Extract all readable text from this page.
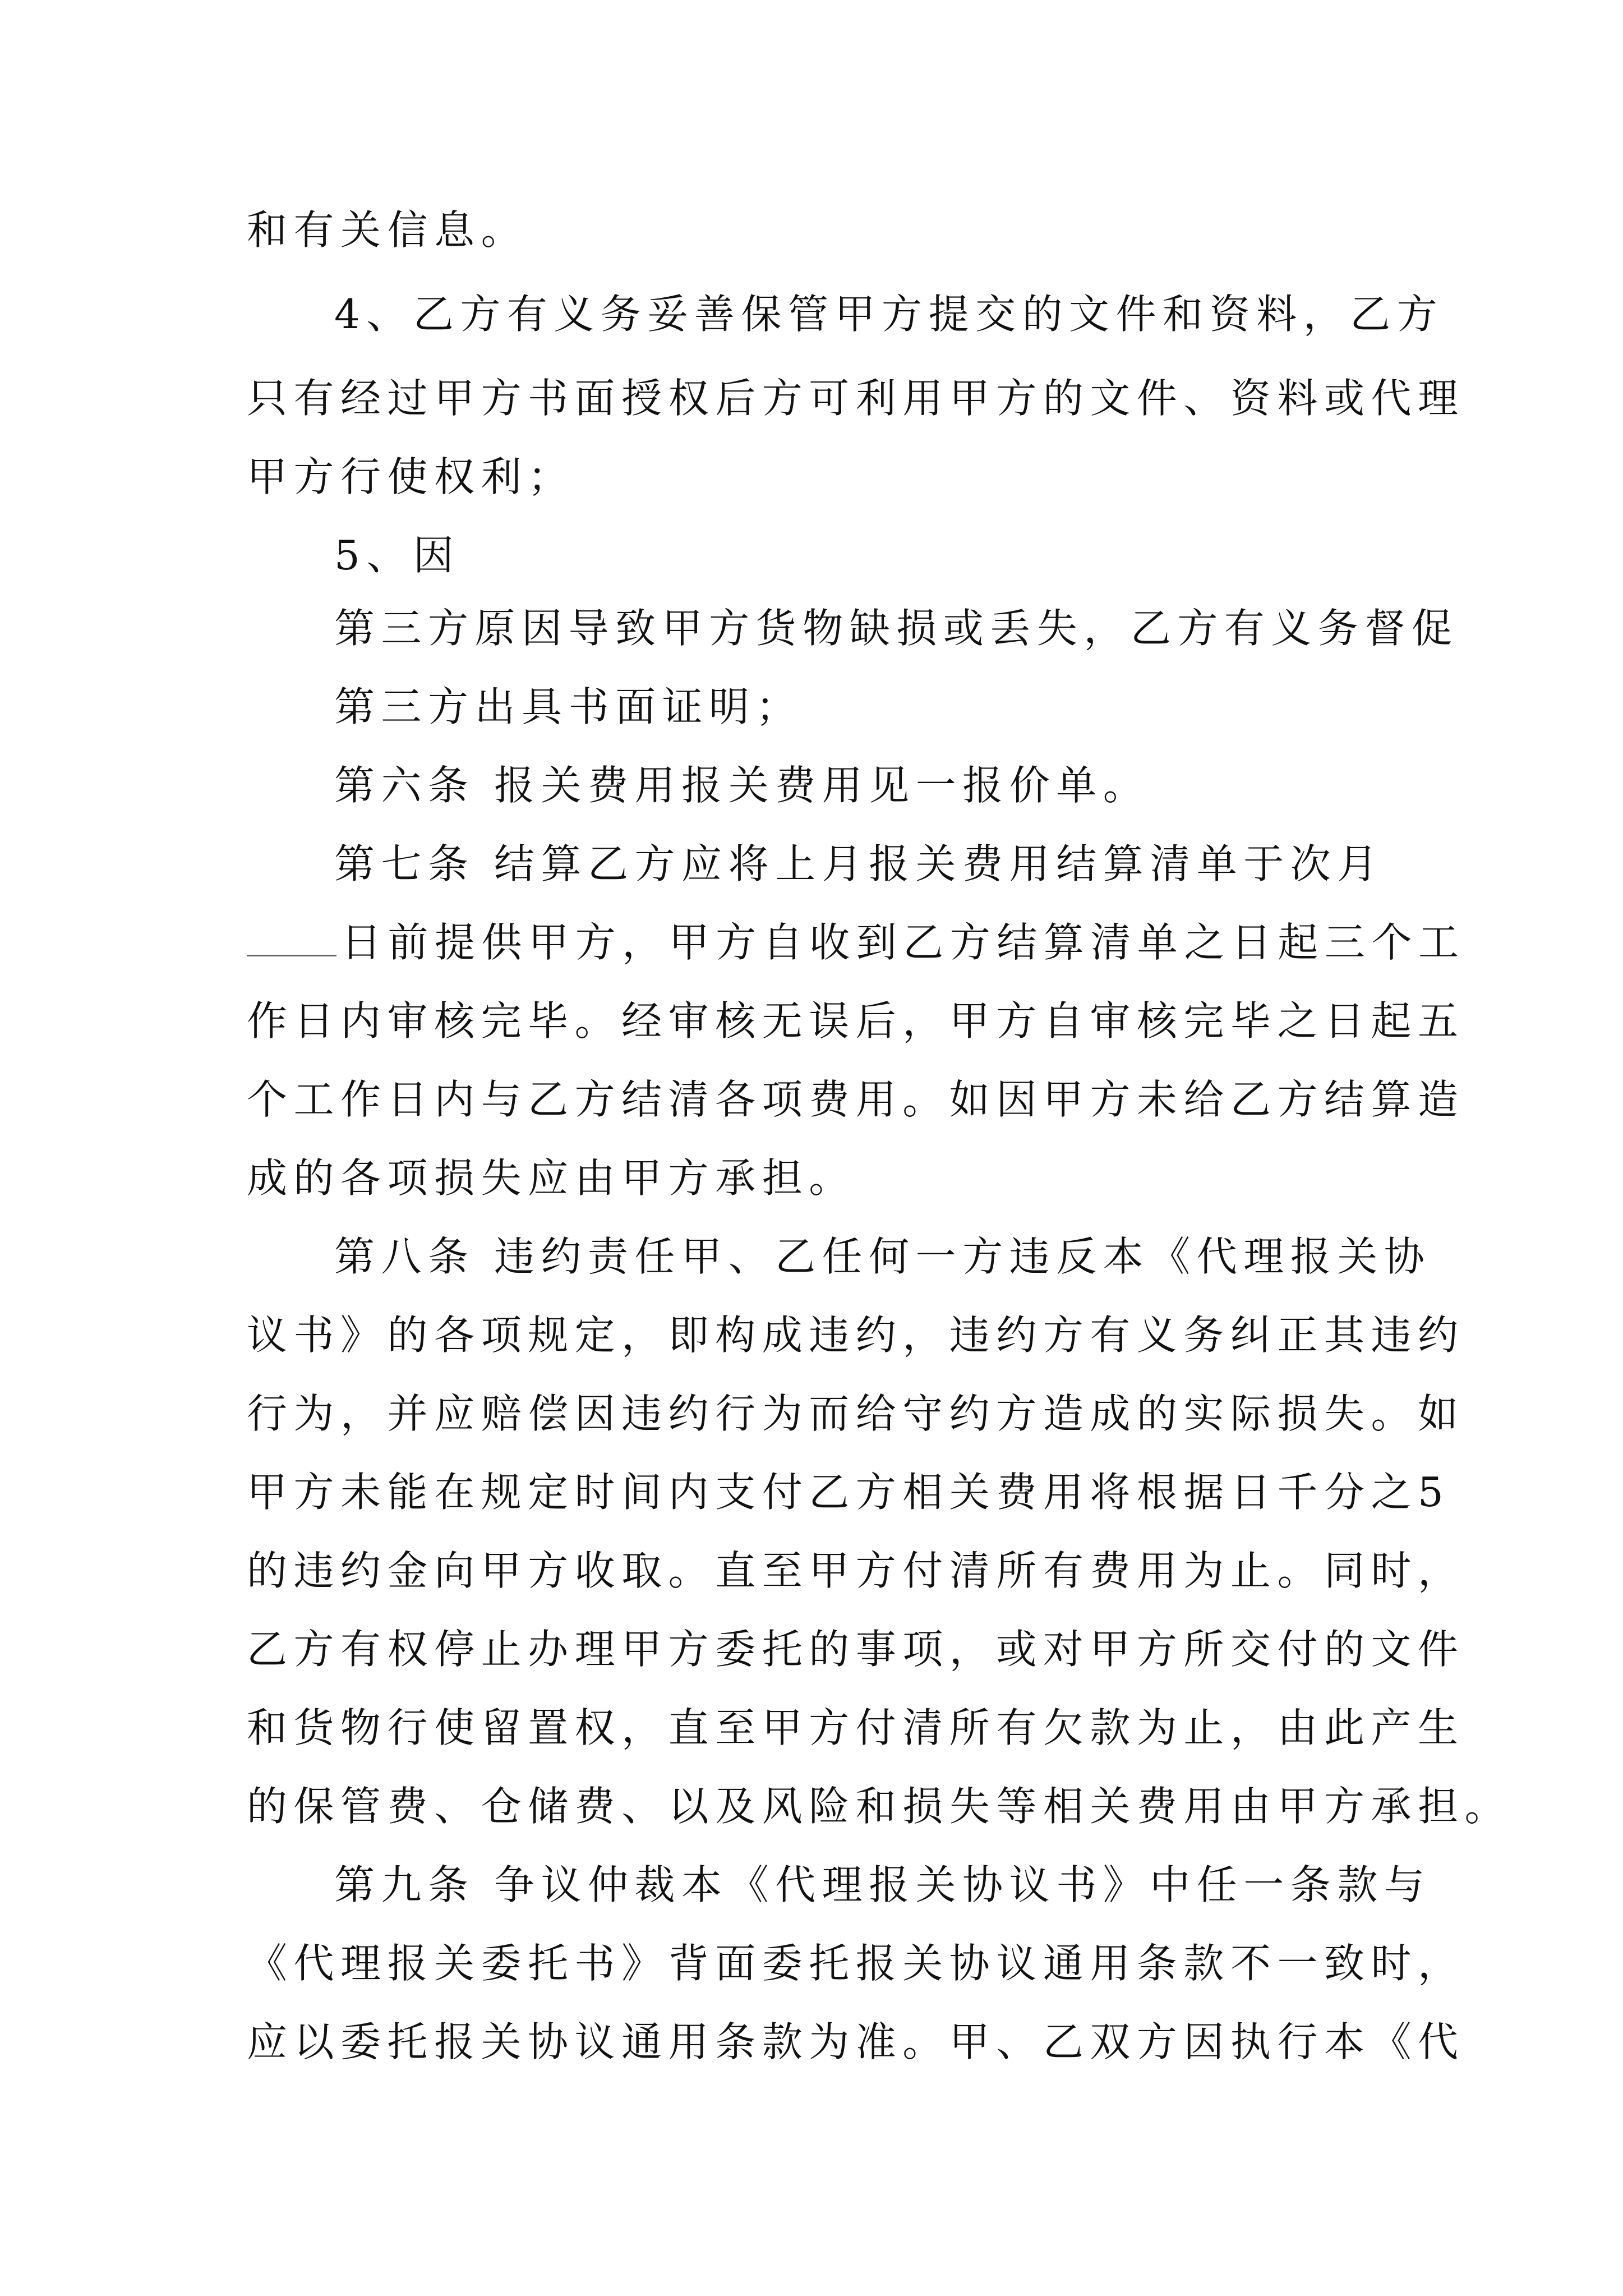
和有关信息。
4、乙方有义务妥善保管甲方提交的文件和资料，乙方
只有经过甲方书面授权后方可利用甲方的文件、资料或代理
甲方行使权利；
5、因
第三方原因导致甲方货物缺损或丢失，乙方有义务督促
第三方出具书面证明；
第六条 报关费用报关费用见一报价单。
第七条 结算乙方应将上月报关费用结算清单于次月
日前提供甲方，甲方自收到乙方结算清单之日起三个工
作日内审核完毕。经审核无误后，甲方自审核完毕之日起五
个工作日内与乙方结清各项费用。如因甲方未给乙方结算造
成的各项损失应由甲方承担。
第八条 违约责任甲、乙任何一方违反本《代理报关协
议书》的各项规定，即构成违约，违约方有义务纠正其违约
行为，并应赔偿因违约行为而给守约方造成的实际损失。如
甲方未能在规定时间内支付乙方相关费用将根据日千分之5
的违约金向甲方收取。直至甲方付清所有费用为止。同时，
乙方有权停止办理甲方委托的事项，或对甲方所交付的文件
和货物行使留置权，直至甲方付清所有欠款为止，由此产生
的保管费、仓储费、以及风险和损失等相关费用由甲方承担。
第九条 争议仲裁本《代理报关协议书》中任一条款与
《代理报关委托书》背面委托报关协议通用条款不一致时，
应以委托报关协议通用条款为准。甲、乙双方因执行本《代
